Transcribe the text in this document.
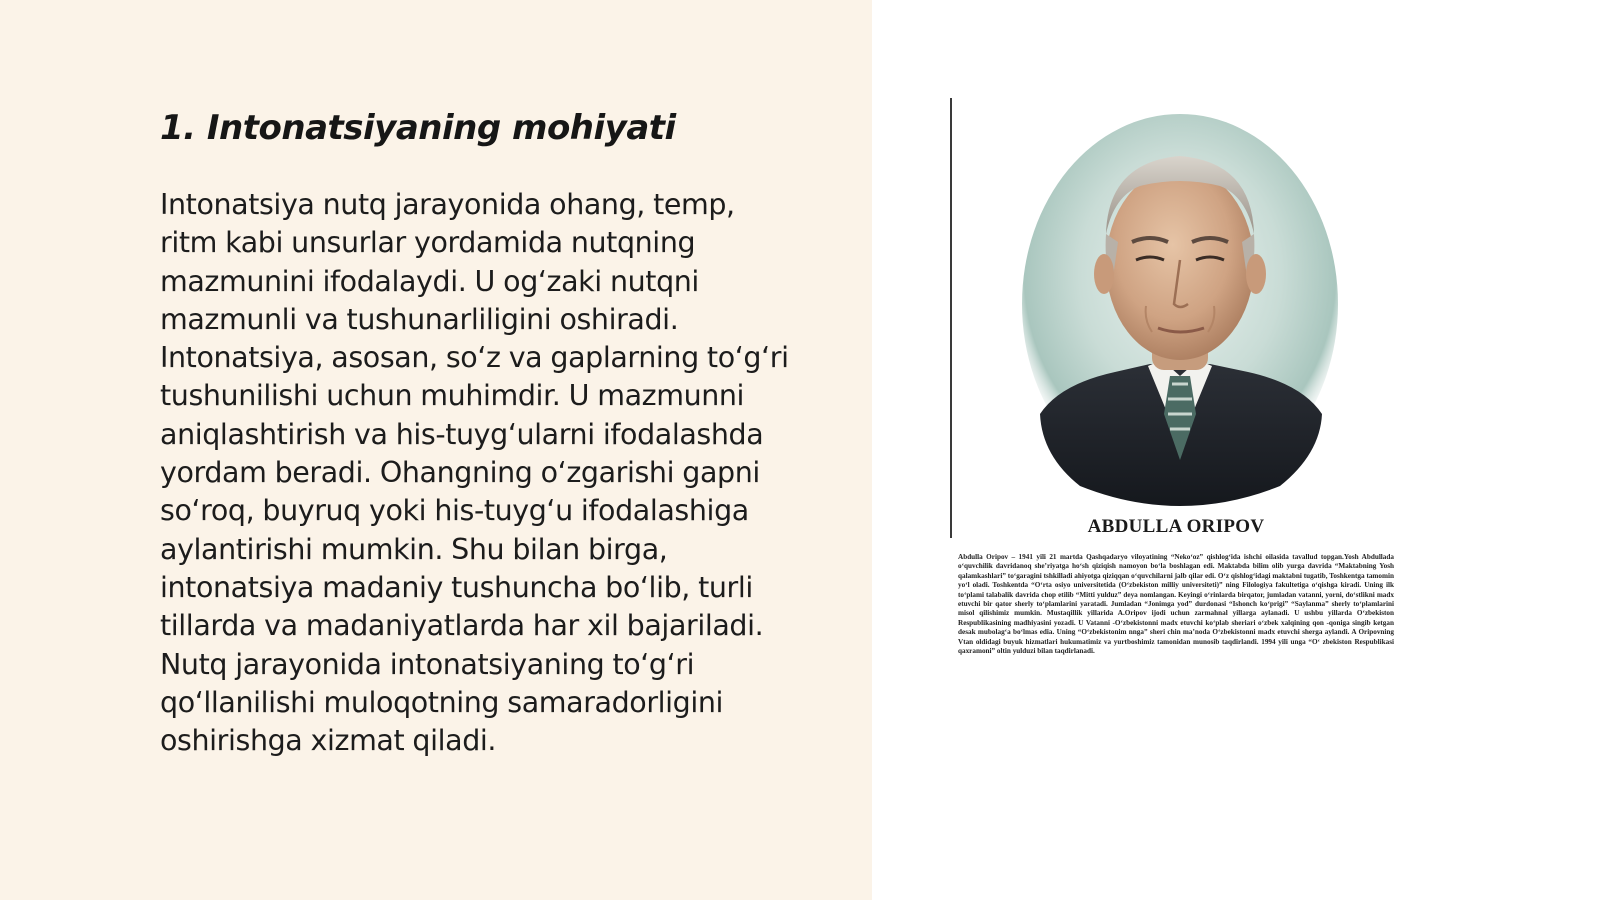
1. Intonatsiyaning mohiyati
Intonatsiya nutq jarayonida ohang, temp,
ritm kabi unsurlar yordamida nutqning
mazmunini ifodalaydi. U og‘zaki nutqni
mazmunli va tushunarliligini oshiradi.
Intonatsiya, asosan, so‘z va gaplarning to‘g‘ri
tushunilishi uchun muhimdir. U mazmunni
aniqlashtirish va his-tuyg‘ularni ifodalashda
yordam beradi. Ohangning o‘zgarishi gapni
so‘roq, buyruq yoki his-tuyg‘u ifodalashiga
aylantirishi mumkin. Shu bilan birga,
intonatsiya madaniy tushuncha bo‘lib, turli
tillarda va madaniyatlarda har xil bajariladi.
Nutq jarayonida intonatsiyaning to‘g‘ri
qo‘llanilishi muloqotning samaradorligini
oshirishga xizmat qiladi.
ABDULLA ORIPOV
Abdulla Oripov – 1941 yili 21 martda Qashqadaryo viloyatining “Neko‘oz” qishlog‘ida ishchi oilasida tavallud topgan.Yosh Abdullada o‘quvchilik davridanoq she’riyatga ho‘sh qiziqish namoyon bo‘la boshlagan edi. Maktabda bilim olib yurga davrida “Maktabning Yosh qalamkashlari” to‘garagini tshkilladi ahiyotga qiziqqan o‘quvchilarni jalb qilar edi. O‘z qishlog‘idagi maktabni tugatib, Toshkentga tamomin yo‘l oladi. Toshkentda “O‘rta osiyo universitetida (O‘zbekiston milliy universiteti)” ning Filologiya fakultetiga o‘qishga kiradi. Uning ilk to‘plami talabalik davrida chop etilib “Mitti yulduz” deya nomlangan. Keyingi o‘rinlarda birqator, jumladan vatanni, yorni, do‘stlikni madx etuvchi bir qator sherly to‘plamlarini yaratadi. Jumladan “Jonimga yod” durdonasi “Ishonch ko‘prigi” “Saylanma” sherly to‘plamlarini misol qilishimiz mumkin. Mustaqillik yillarida A.Oripov ijodi uchun zarmahnal yillarga aylanadi. U ushbu yillarda O‘zbekiston Respublikasining madhiyasini yozadi. U Vatanni -O‘zbekistonni madx etuvchi ko‘plab sheriari o‘zbek xalqining qon -qoniga singib ketgan desak mubolag‘a bo‘lmas edia. Uning “O‘zbekistonim nnga” sheri chin ma’noda O‘zbekistonni madx etuvchi sherga aylandi. A Oripovning Vtan oldidagi buyuk hizmatlari hukumatimiz va yurtboshimiz tamonidan munosib taqdirlandi. 1994 yili unga “O‘ zbekiston Respublikasi qaxramoni” oltin yulduzi bilan taqdirlanadi.
